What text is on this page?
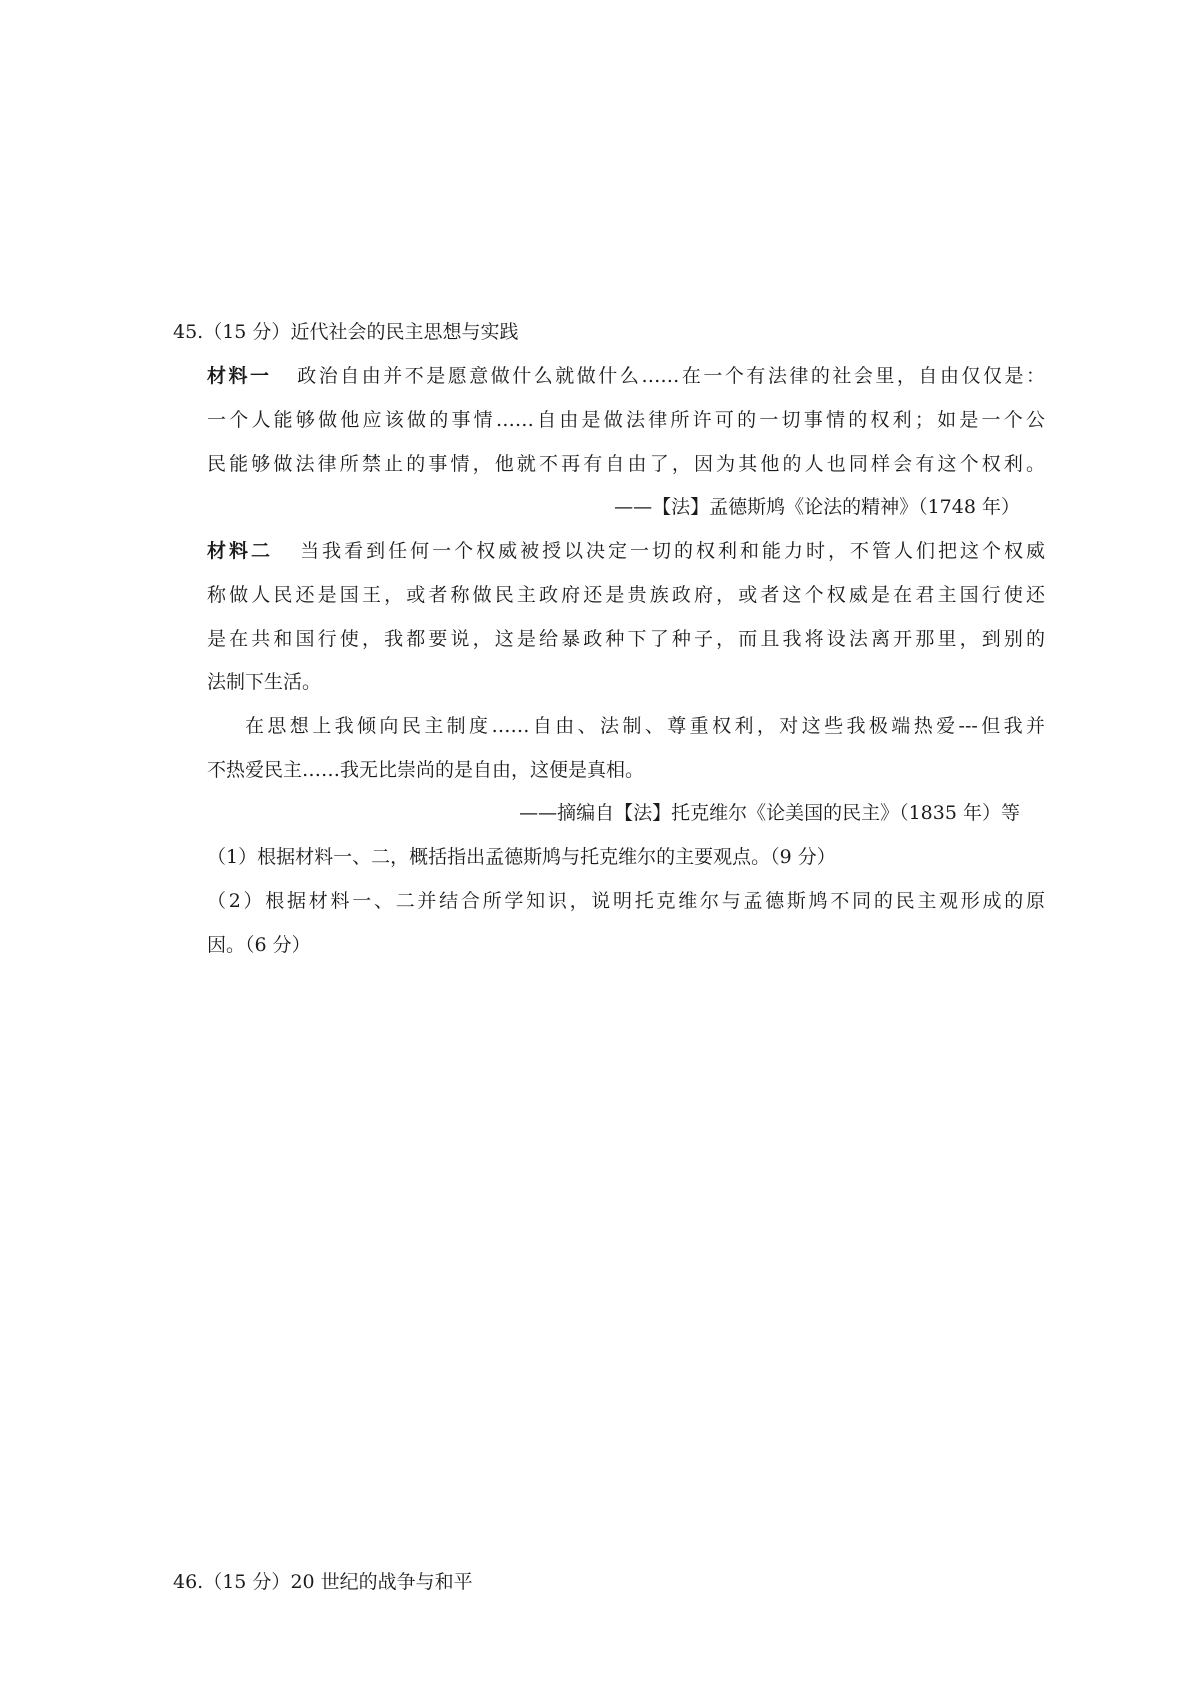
45.（15 分）近代社会的民主思想与实践
材料一 政治自由并不是愿意做什么就做什么……在一个有法律的社会里，自由仅仅是：
一个人能够做他应该做的事情……自由是做法律所许可的一切事情的权利；如是一个公
民能够做法律所禁止的事情，他就不再有自由了，因为其他的人也同样会有这个权利。
——【法】孟德斯鸠《论法的精神》（1748 年）
材料二 当我看到任何一个权威被授以决定一切的权利和能力时，不管人们把这个权威
称做人民还是国王，或者称做民主政府还是贵族政府，或者这个权威是在君主国行使还
是在共和国行使，我都要说，这是给暴政种下了种子，而且我将设法离开那里，到别的
法制下生活。
在思想上我倾向民主制度……自由、法制、尊重权利，对这些我极端热爱---但我并
不热爱民主……我无比崇尚的是自由，这便是真相。
——摘编自【法】托克维尔《论美国的民主》（1835 年）等
（1）根据材料一、二，概括指出孟德斯鸠与托克维尔的主要观点。（9 分）
（2）根据材料一、二并结合所学知识，说明托克维尔与孟德斯鸠不同的民主观形成的原
因。（6 分）
46.（15 分）20 世纪的战争与和平
